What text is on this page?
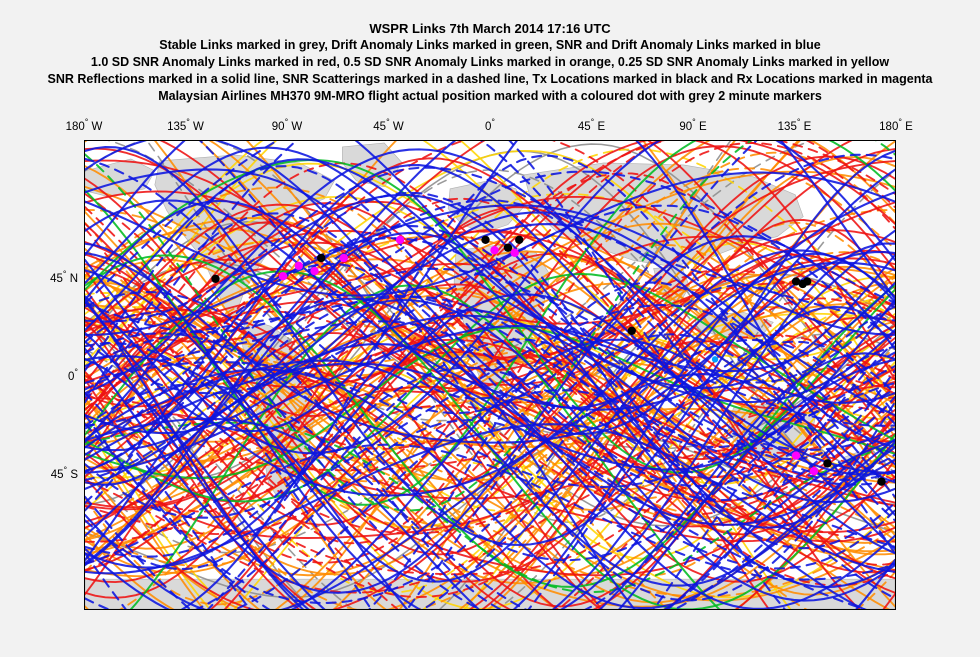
WSPR Links 7th March 2014 17:16 UTC
Stable Links marked in grey, Drift Anomaly Links marked in green, SNR and Drift Anomaly Links marked in blue
1.0 SD SNR Anomaly Links marked in red, 0.5 SD SNR Anomaly Links marked in orange, 0.25 SD SNR Anomaly Links marked in yellow
SNR Reflections marked in a solid line, SNR Scatterings marked in a dashed line, Tx Locations marked in black and Rx Locations marked in magenta
Malaysian Airlines MH370 9M-MRO flight actual position marked with a coloured dot with grey 2 minute markers
180° W	135° W	90° W	45° W	0°	45° E	90° E	135° E	180° E
45° N
0°
45° S
